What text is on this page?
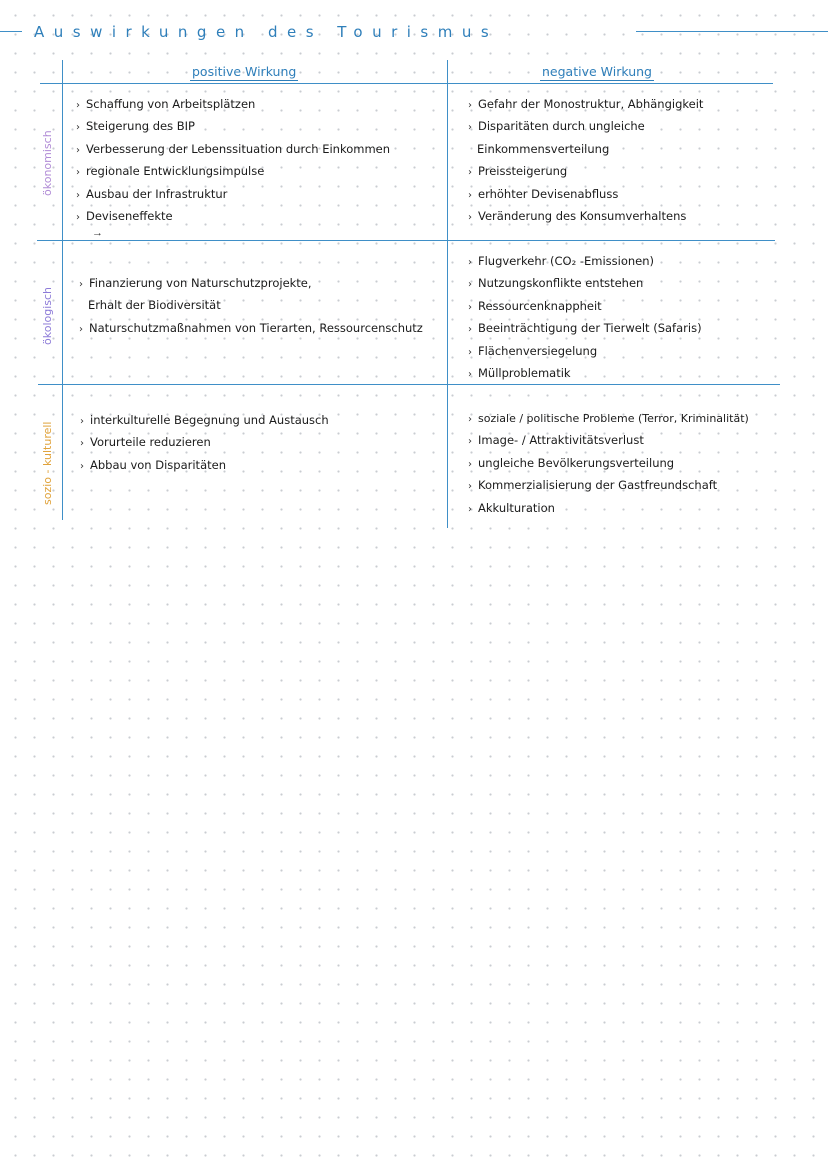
Auswirkungen des Tourismus
positive Wirkung	negative Wirkung
ökonomisch
ökologisch
sozio - kulturell
› Schaffung von Arbeitsplätzen
› Steigerung des BIP
› Verbesserung der Lebenssituation durch Einkommen
› regionale Entwicklungsimpulse
› Ausbau der Infrastruktur
› Deviseneffekte
→
› Gefahr der Monostruktur, Abhängigkeit
› Disparitäten durch ungleiche
Einkommensverteilung
› Preissteigerung
› erhöhter Devisenabfluss
› Veränderung des Konsumverhaltens
› Finanzierung von Naturschutzprojekte,
Erhalt der Biodiversität
› Naturschutzmaßnahmen von Tierarten, Ressourcenschutz
› Flugverkehr (CO₂ -Emissionen)
› Nutzungskonflikte entstehen
› Ressourcenknappheit
› Beeinträchtigung der Tierwelt (Safaris)
› Flächenversiegelung
› Müllproblematik
› interkulturelle Begegnung und Austausch
› Vorurteile reduzieren
› Abbau von Disparitäten
› soziale / politische Probleme (Terror, Kriminalität)
› Image- / Attraktivitätsverlust
› ungleiche Bevölkerungsverteilung
› Kommerzialisierung der Gastfreundschaft
› Akkulturation
